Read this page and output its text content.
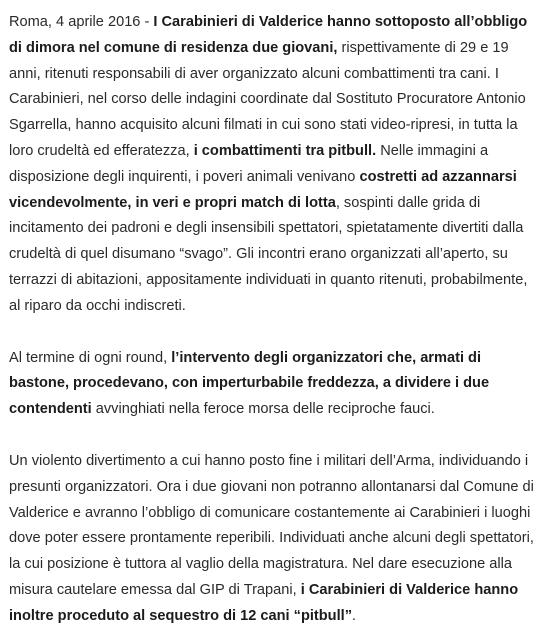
Roma, 4 aprile 2016 - I Carabinieri di Valderice hanno sottoposto all’obbligo di dimora nel comune di residenza due giovani, rispettivamente di 29 e 19 anni, ritenuti responsabili di aver organizzato alcuni combattimenti tra cani. I Carabinieri, nel corso delle indagini coordinate dal Sostituto Procuratore Antonio Sgarrella, hanno acquisito alcuni filmati in cui sono stati video-ripresi, in tutta la loro crudeltà ed efferatezza, i combattimenti tra pitbull. Nelle immagini a disposizione degli inquirenti, i poveri animali venivano costretti ad azzannarsi vicendevolmente, in veri e propri match di lotta, sospinti dalle grida di incitamento dei padroni e degli insensibili spettatori, spietatamente divertiti dalla crudeltà di quel disumano “svago”. Gli incontri erano organizzati all’aperto, su terrazzi di abitazioni, appositamente individuati in quanto ritenuti, probabilmente, al riparo da occhi indiscreti.

Al termine di ogni round, l’intervento degli organizzatori che, armati di bastone, procedevano, con imperturbabile freddezza, a dividere i due contendenti avvinghiati nella feroce morsa delle reciproche fauci.

Un violento divertimento a cui hanno posto fine i militari dell’Arma, individuando i presunti organizzatori. Ora i due giovani non potranno allontanarsi dal Comune di Valderice e avranno l’obbligo di comunicare costantemente ai Carabinieri i luoghi dove poter essere prontamente reperibili. Individuati anche alcuni degli spettatori, la cui posizione è tuttora al vaglio della magistratura. Nel dare esecuzione alla misura cautelare emessa dal GIP di Trapani, i Carabinieri di Valderice hanno inoltre proceduto al sequestro di 12 cani “pitbull”.
